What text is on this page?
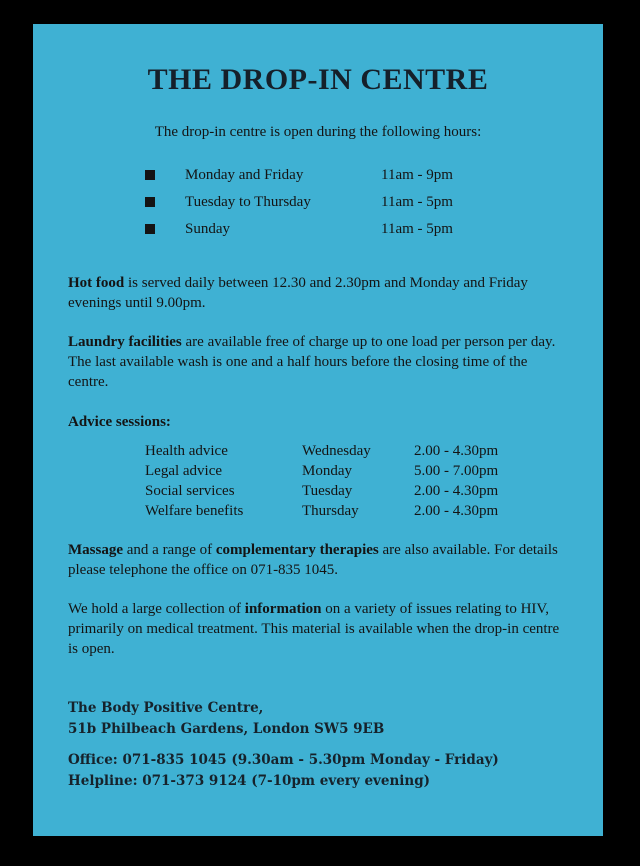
THE DROP-IN CENTRE
The drop-in centre is open during the following hours:
Monday and Friday	11am - 9pm
Tuesday to Thursday	11am - 5pm
Sunday	11am - 5pm

Hot food is served daily between 12.30 and 2.30pm and Monday and Friday evenings until 9.00pm.

Laundry facilities are available free of charge up to one load per person per day. The last available wash is one and a half hours before the closing time of the centre.

Advice sessions:
Health advice	Wednesday	2.00 - 4.30pm
Legal advice	Monday	5.00 - 7.00pm
Social services	Tuesday	2.00 - 4.30pm
Welfare benefits	Thursday	2.00 - 4.30pm

Massage and a range of complementary therapies are also available. For details please telephone the office on 071-835 1045.

We hold a large collection of information on a variety of issues relating to HIV, primarily on medical treatment. This material is available when the drop-in centre is open.

The Body Positive Centre,
51b Philbeach Gardens, London SW5 9EB
Office: 071-835 1045 (9.30am - 5.30pm Monday - Friday)
Helpline: 071-373 9124 (7-10pm every evening)
